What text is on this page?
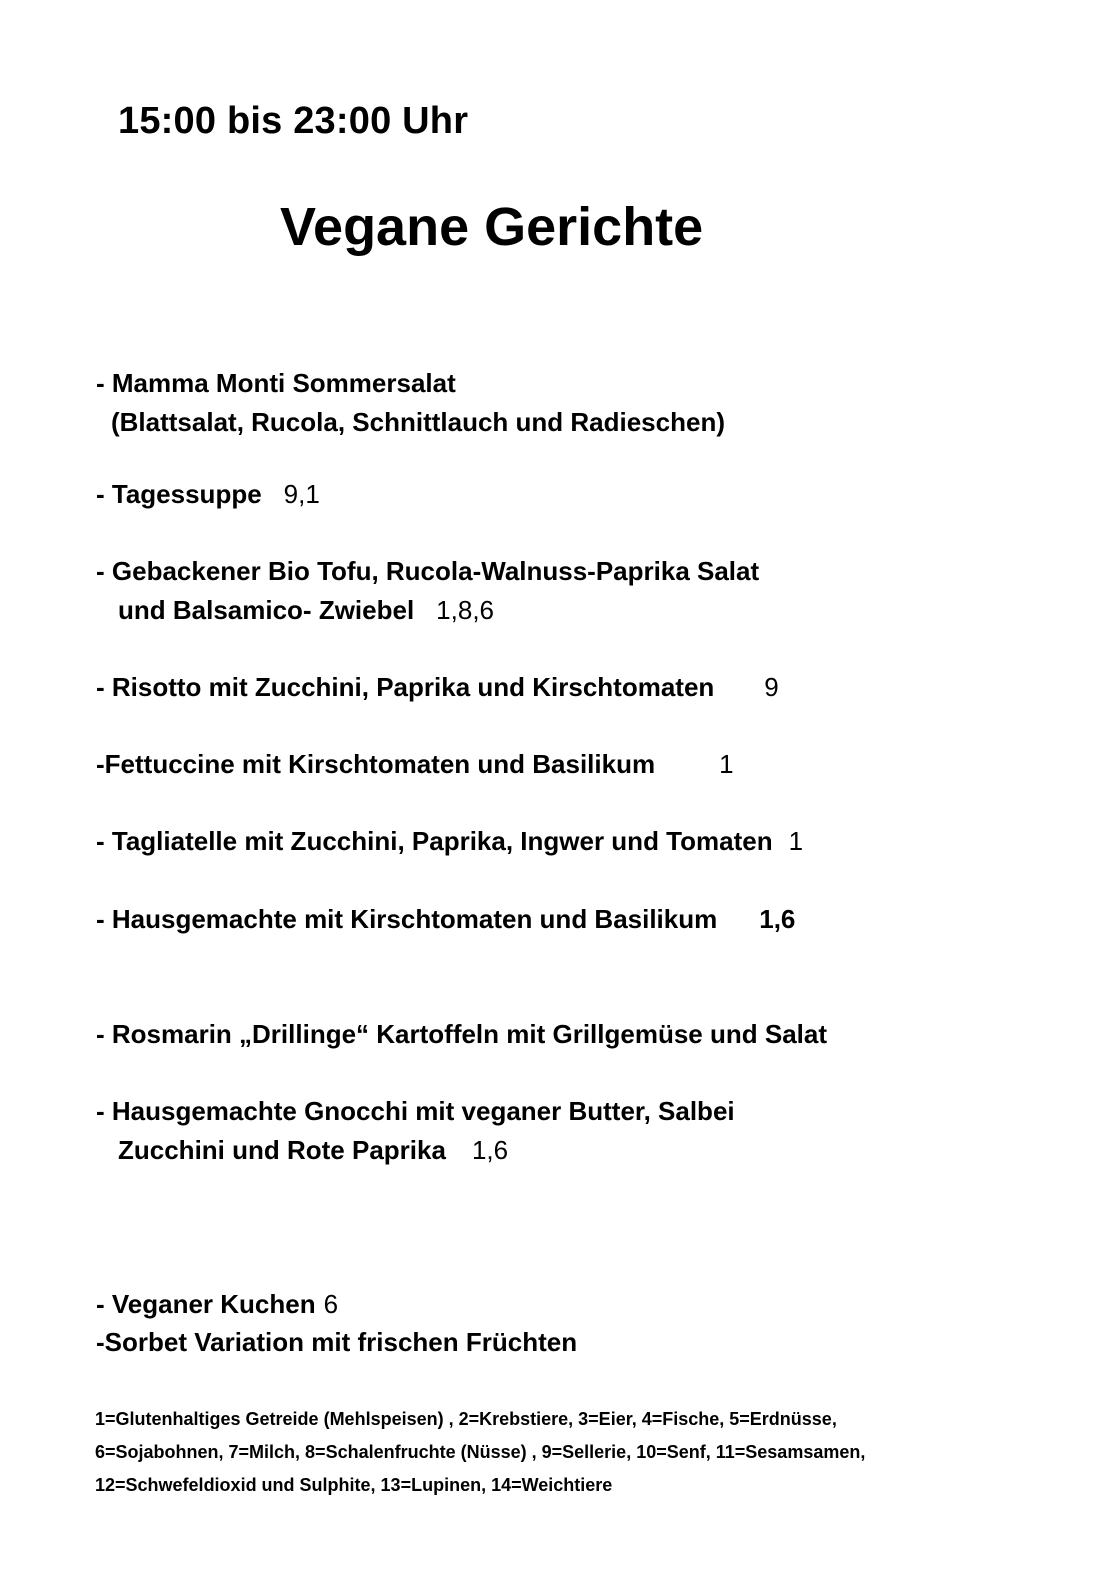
15:00 bis 23:00 Uhr
Vegane Gerichte
- Mamma Monti Sommersalat
(Blattsalat, Rucola, Schnittlauch und Radieschen)
- Tagessuppe 9,1
- Gebackener Bio Tofu, Rucola-Walnuss-Paprika Salat
und Balsamico- Zwiebel 1,8,6
- Risotto mit Zucchini, Paprika und Kirschtomaten 9
-Fettuccine mit Kirschtomaten und Basilikum 1
- Tagliatelle mit Zucchini, Paprika, Ingwer und Tomaten 1
- Hausgemachte mit Kirschtomaten und Basilikum 1,6
- Rosmarin „Drillinge“ Kartoffeln mit Grillgemüse und Salat
- Hausgemachte Gnocchi mit veganer Butter, Salbei
Zucchini und Rote Paprika 1,6
- Veganer Kuchen 6
-Sorbet Variation mit frischen Früchten
1=Glutenhaltiges Getreide (Mehlspeisen) , 2=Krebstiere, 3=Eier, 4=Fische, 5=Erdnüsse,
6=Sojabohnen, 7=Milch, 8=Schalenfruchte (Nüsse) , 9=Sellerie, 10=Senf, 11=Sesamsamen,
12=Schwefeldioxid und Sulphite, 13=Lupinen, 14=Weichtiere
